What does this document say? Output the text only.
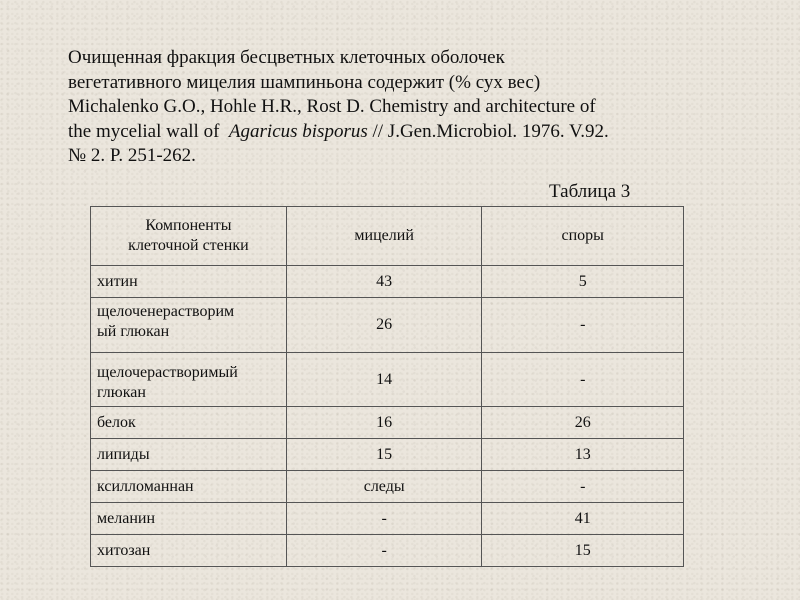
Очищенная фракция бесцветных клеточных оболочек
вегетативного мицелия шампиньона содержит (% сух вес)
Michalenko G.O., Hohle H.R., Rost D. Chemistry and architecture of
the mycelial wall of Agaricus bisporus // J.Gen.Microbiol. 1976. V.92.
№ 2. P. 251-262.

Таблица 3

Компоненты
клеточной стенки	мицелий	споры
хитин	43	5

щелоченерастворим
ый глюкан	26	-

щелочерастворимый
глюкан	14	-
белок	16	26
липиды	15	13
ксилломаннан	следы	-
меланин	-	41
хитозан	-	15
